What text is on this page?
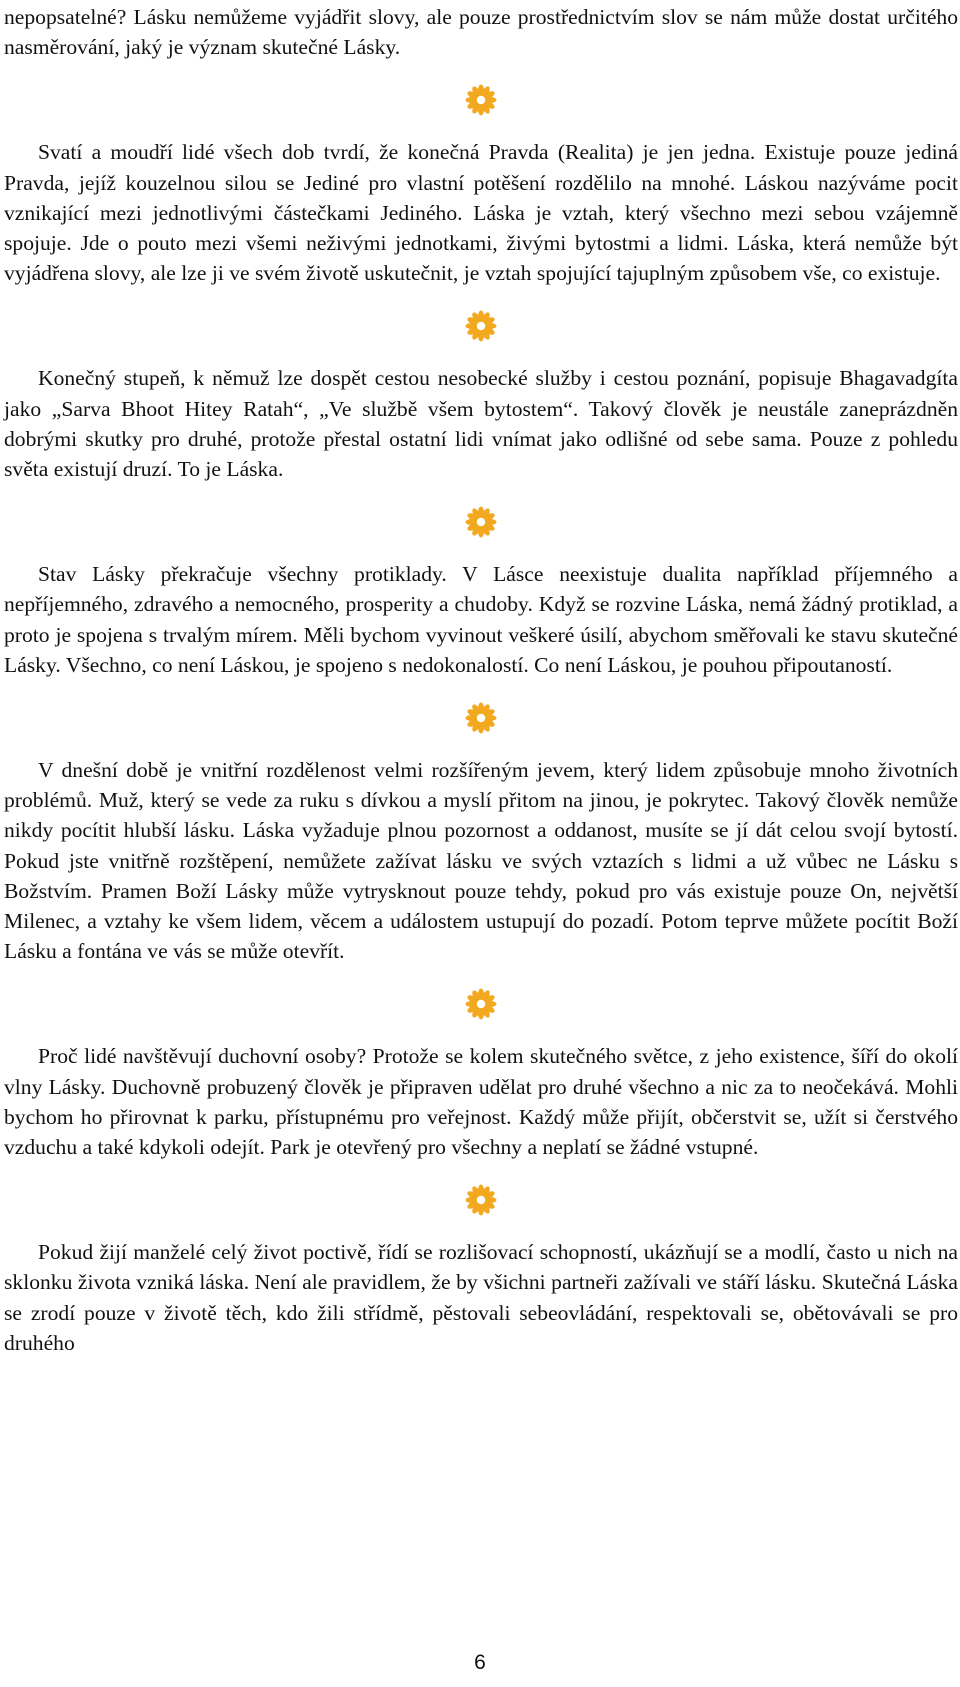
nepopsatelné? Lásku nemůžeme vyjádřit slovy, ale pouze prostřednictvím slov se nám může dostat určitého nasměrování, jaký je význam skutečné Lásky.

Svatí a moudří lidé všech dob tvrdí, že konečná Pravda (Realita) je jen jedna. Existuje pouze jediná Pravda, jejíž kouzelnou silou se Jediné pro vlastní potěšení rozdělilo na mnohé. Láskou nazýváme pocit vznikající mezi jednotlivými částečkami Jediného. Láska je vztah, který všechno mezi sebou vzájemně spojuje. Jde o pouto mezi všemi neživými jednotkami, živými bytostmi a lidmi. Láska, která nemůže být vyjádřena slovy, ale lze ji ve svém životě uskutečnit, je vztah spojující tajuplným způsobem vše, co existuje.

Konečný stupeň, k němuž lze dospět cestou nesobecké služby i cestou poznání, popisuje Bhagavadgíta jako „Sarva Bhoot Hitey Ratah“, „Ve službě všem bytostem“. Takový člověk je neustále zaneprázdněn dobrými skutky pro druhé, protože přestal ostatní lidi vnímat jako odlišné od sebe sama. Pouze z pohledu světa existují druzí. To je Láska.

Stav Lásky překračuje všechny protiklady. V Lásce neexistuje dualita například příjemného a nepříjemného, zdravého a nemocného, prosperity a chudoby. Když se rozvine Láska, nemá žádný protiklad, a proto je spojena s trvalým mírem. Měli bychom vyvinout veškeré úsilí, abychom směřovali ke stavu skutečné Lásky. Všechno, co není Láskou, je spojeno s nedokonalostí. Co není Láskou, je pouhou připoutaností.

V dnešní době je vnitřní rozdělenost velmi rozšířeným jevem, který lidem způsobuje mnoho životních problémů. Muž, který se vede za ruku s dívkou a myslí přitom na jinou, je pokrytec. Takový člověk nemůže nikdy pocítit hlubší lásku. Láska vyžaduje plnou pozornost a oddanost, musíte se jí dát celou svojí bytostí. Pokud jste vnitřně rozštěpení, nemůžete zažívat lásku ve svých vztazích s lidmi a už vůbec ne Lásku s Božstvím. Pramen Boží Lásky může vytrysknout pouze tehdy, pokud pro vás existuje pouze On, největší Milenec, a vztahy ke všem lidem, věcem a událostem ustupují do pozadí. Potom teprve můžete pocítit Boží Lásku a fontána ve vás se může otevřít.

Proč lidé navštěvují duchovní osoby? Protože se kolem skutečného světce, z jeho existence, šíří do okolí vlny Lásky. Duchovně probuzený člověk je připraven udělat pro druhé všechno a nic za to neočekává. Mohli bychom ho přirovnat k parku, přístupnému pro veřejnost. Každý může přijít, občerstvit se, užít si čerstvého vzduchu a také kdykoli odejít. Park je otevřený pro všechny a neplatí se žádné vstupné.

Pokud žijí manželé celý život poctivě, řídí se rozlišovací schopností, ukázňují se a modlí, často u nich na sklonku života vzniká láska. Není ale pravidlem, že by všichni partneři zažívali ve stáří lásku. Skutečná Láska se zrodí pouze v životě těch, kdo žili střídmě, pěstovali sebeovládání, respektovali se, obětovávali se pro druhého

6
